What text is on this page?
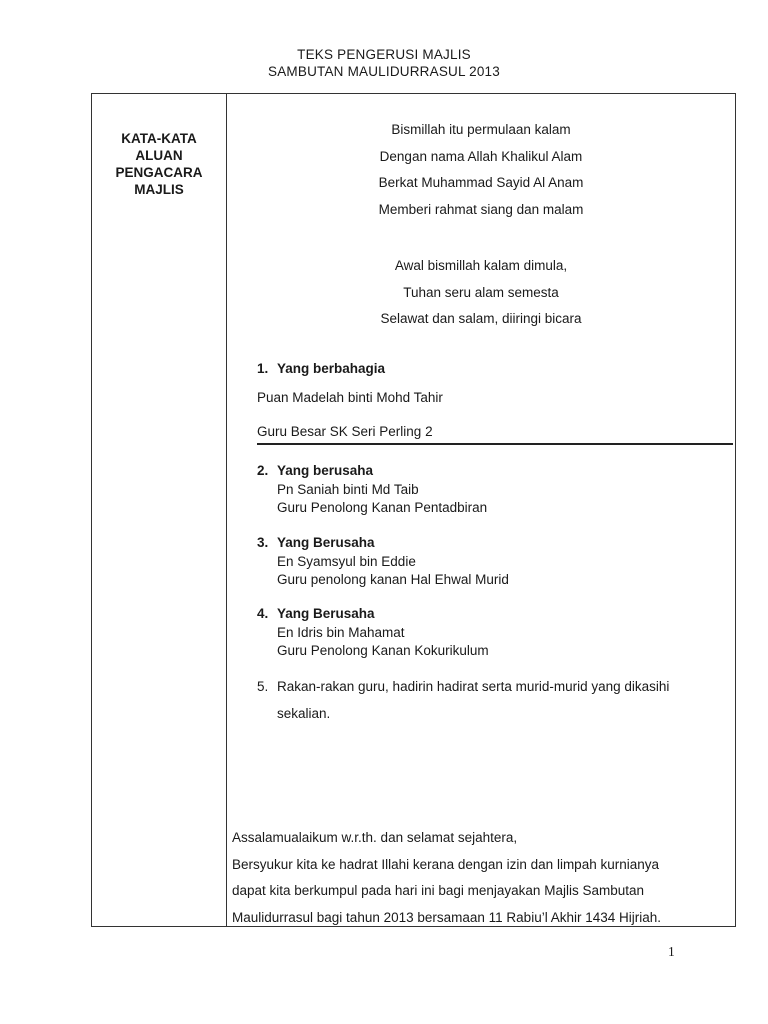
TEKS PENGERUSI MAJLIS
SAMBUTAN MAULIDURRASUL 2013
KATA-KATA
ALUAN
PENGACARA
MAJLIS
Bismillah itu permulaan kalam
Dengan nama Allah Khalikul Alam
Berkat Muhammad Sayid Al Anam
Memberi rahmat siang dan malam
Awal bismillah kalam dimula,
Tuhan seru alam semesta
Selawat dan salam, diiringi bicara
1. Yang berbahagia
Puan Madelah binti Mohd Tahir
Guru Besar SK Seri Perling 2
2. Yang berusaha
Pn Saniah binti Md Taib
Guru Penolong Kanan Pentadbiran
3. Yang Berusaha
En Syamsyul bin Eddie
Guru penolong kanan Hal Ehwal Murid
4. Yang Berusaha
En Idris bin Mahamat
Guru Penolong Kanan Kokurikulum
5. Rakan-rakan guru, hadirin hadirat serta murid-murid yang dikasihi
sekalian.
Assalamualaikum w.r.th. dan selamat sejahtera,
Bersyukur kita ke hadrat Illahi kerana dengan izin dan limpah kurnianya
dapat kita berkumpul pada hari ini bagi menjayakan Majlis Sambutan
Maulidurrasul bagi tahun 2013 bersamaan 11 Rabiu’l Akhir 1434 Hijriah.
1
